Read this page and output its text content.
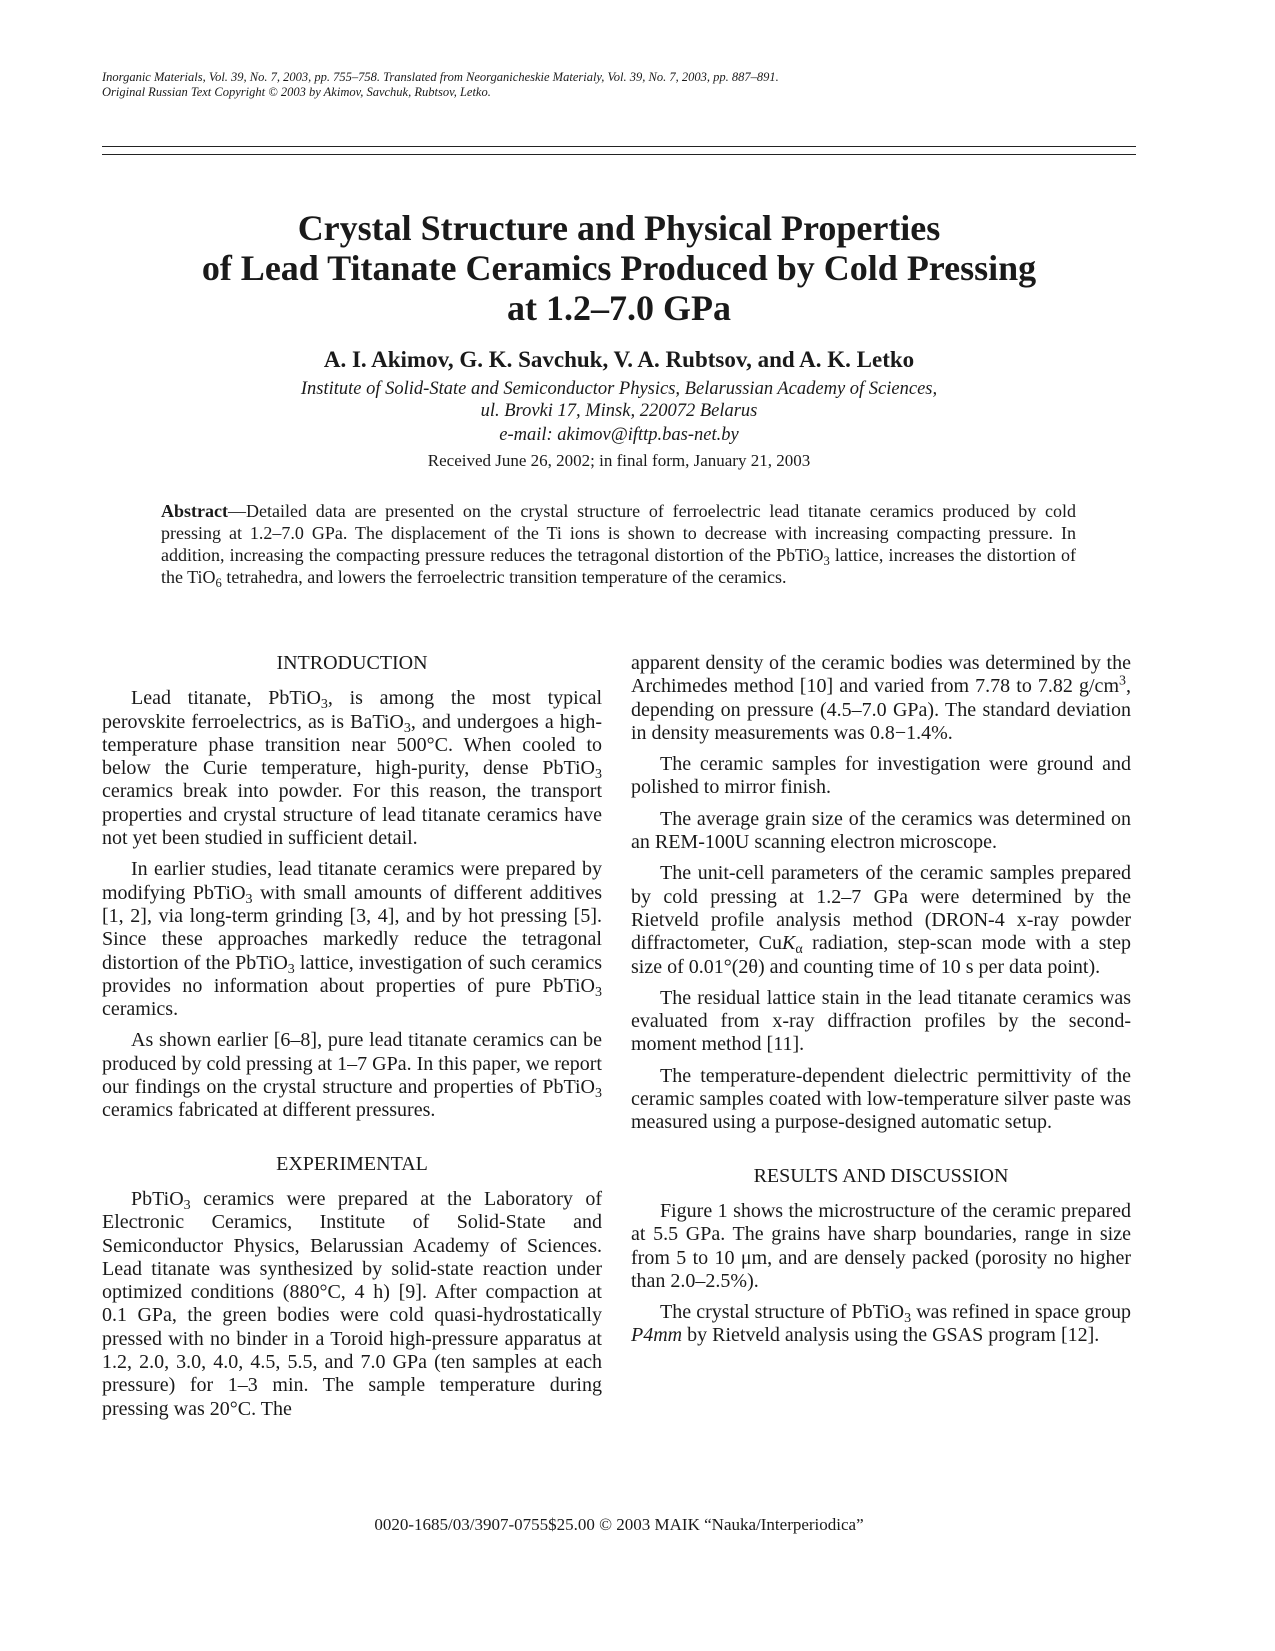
Inorganic Materials, Vol. 39, No. 7, 2003, pp. 755–758. Translated from Neorganicheskie Materialy, Vol. 39, No. 7, 2003, pp. 887–891.
Original Russian Text Copyright © 2003 by Akimov, Savchuk, Rubtsov, Letko.
Crystal Structure and Physical Properties
of Lead Titanate Ceramics Produced by Cold Pressing
at 1.2–7.0 GPa
A. I. Akimov, G. K. Savchuk, V. A. Rubtsov, and A. K. Letko
Institute of Solid-State and Semiconductor Physics, Belarussian Academy of Sciences,
ul. Brovki 17, Minsk, 220072 Belarus
e-mail: akimov@ifttp.bas-net.by
Received June 26, 2002; in final form, January 21, 2003

Abstract—Detailed data are presented on the crystal structure of ferroelectric lead titanate ceramics produced by cold pressing at 1.2–7.0 GPa. The displacement of the Ti ions is shown to decrease with increasing compacting pressure. In addition, increasing the compacting pressure reduces the tetragonal distortion of the PbTiO$_3$ lattice, increases the distortion of the TiO$_6$ tetrahedra, and lowers the ferroelectric transition temperature of the ceramics.

INTRODUCTION

Lead titanate, PbTiO$_3$, is among the most typical perovskite ferroelectrics, as is BaTiO$_3$, and undergoes a high-temperature phase transition near 500°C. When cooled to below the Curie temperature, high-purity, dense PbTiO$_3$ ceramics break into powder. For this reason, the transport properties and crystal structure of lead titanate ceramics have not yet been studied in sufficient detail.

In earlier studies, lead titanate ceramics were prepared by modifying PbTiO$_3$ with small amounts of different additives [1, 2], via long-term grinding [3, 4], and by hot pressing [5]. Since these approaches markedly reduce the tetragonal distortion of the PbTiO$_3$ lattice, investigation of such ceramics provides no information about properties of pure PbTiO$_3$ ceramics.

As shown earlier [6–8], pure lead titanate ceramics can be produced by cold pressing at 1–7 GPa. In this paper, we report our findings on the crystal structure and properties of PbTiO$_3$ ceramics fabricated at different pressures.

EXPERIMENTAL

PbTiO$_3$ ceramics were prepared at the Laboratory of Electronic Ceramics, Institute of Solid-State and Semiconductor Physics, Belarussian Academy of Sciences. Lead titanate was synthesized by solid-state reaction under optimized conditions (880°C, 4 h) [9]. After compaction at 0.1 GPa, the green bodies were cold quasi-hydrostatically pressed with no binder in a Toroid high-pressure apparatus at 1.2, 2.0, 3.0, 4.0, 4.5, 5.5, and 7.0 GPa (ten samples at each pressure) for 1–3 min. The sample temperature during pressing was 20°C. The

apparent density of the ceramic bodies was determined by the Archimedes method [10] and varied from 7.78 to 7.82 $g/cm^3$, depending on pressure (4.5–7.0 GPa). The standard deviation in density measurements was 0.8−1.4%.

The ceramic samples for investigation were ground and polished to mirror finish.

The average grain size of the ceramics was determined on an REM-100U scanning electron microscope.

The unit-cell parameters of the ceramic samples prepared by cold pressing at 1.2–7 GPa were determined by the Rietveld profile analysis method (DRON-4 x-ray powder diffractometer, CuK$_\alpha$ radiation, step-scan mode with a step size of 0.01°(2θ) and counting time of 10 s per data point).

The residual lattice stain in the lead titanate ceramics was evaluated from x-ray diffraction profiles by the second-moment method [11].

The temperature-dependent dielectric permittivity of the ceramic samples coated with low-temperature silver paste was measured using a purpose-designed automatic setup.

RESULTS AND DISCUSSION

Figure 1 shows the microstructure of the ceramic prepared at 5.5 GPa. The grains have sharp boundaries, range in size from 5 to 10 μm, and are densely packed (porosity no higher than 2.0–2.5%).

The crystal structure of PbTiO$_3$ was refined in space group P4mm by Rietveld analysis using the GSAS program [12].

0020-1685/03/3907-0755$25.00 © 2003 MAIK “Nauka/Interperiodica”
